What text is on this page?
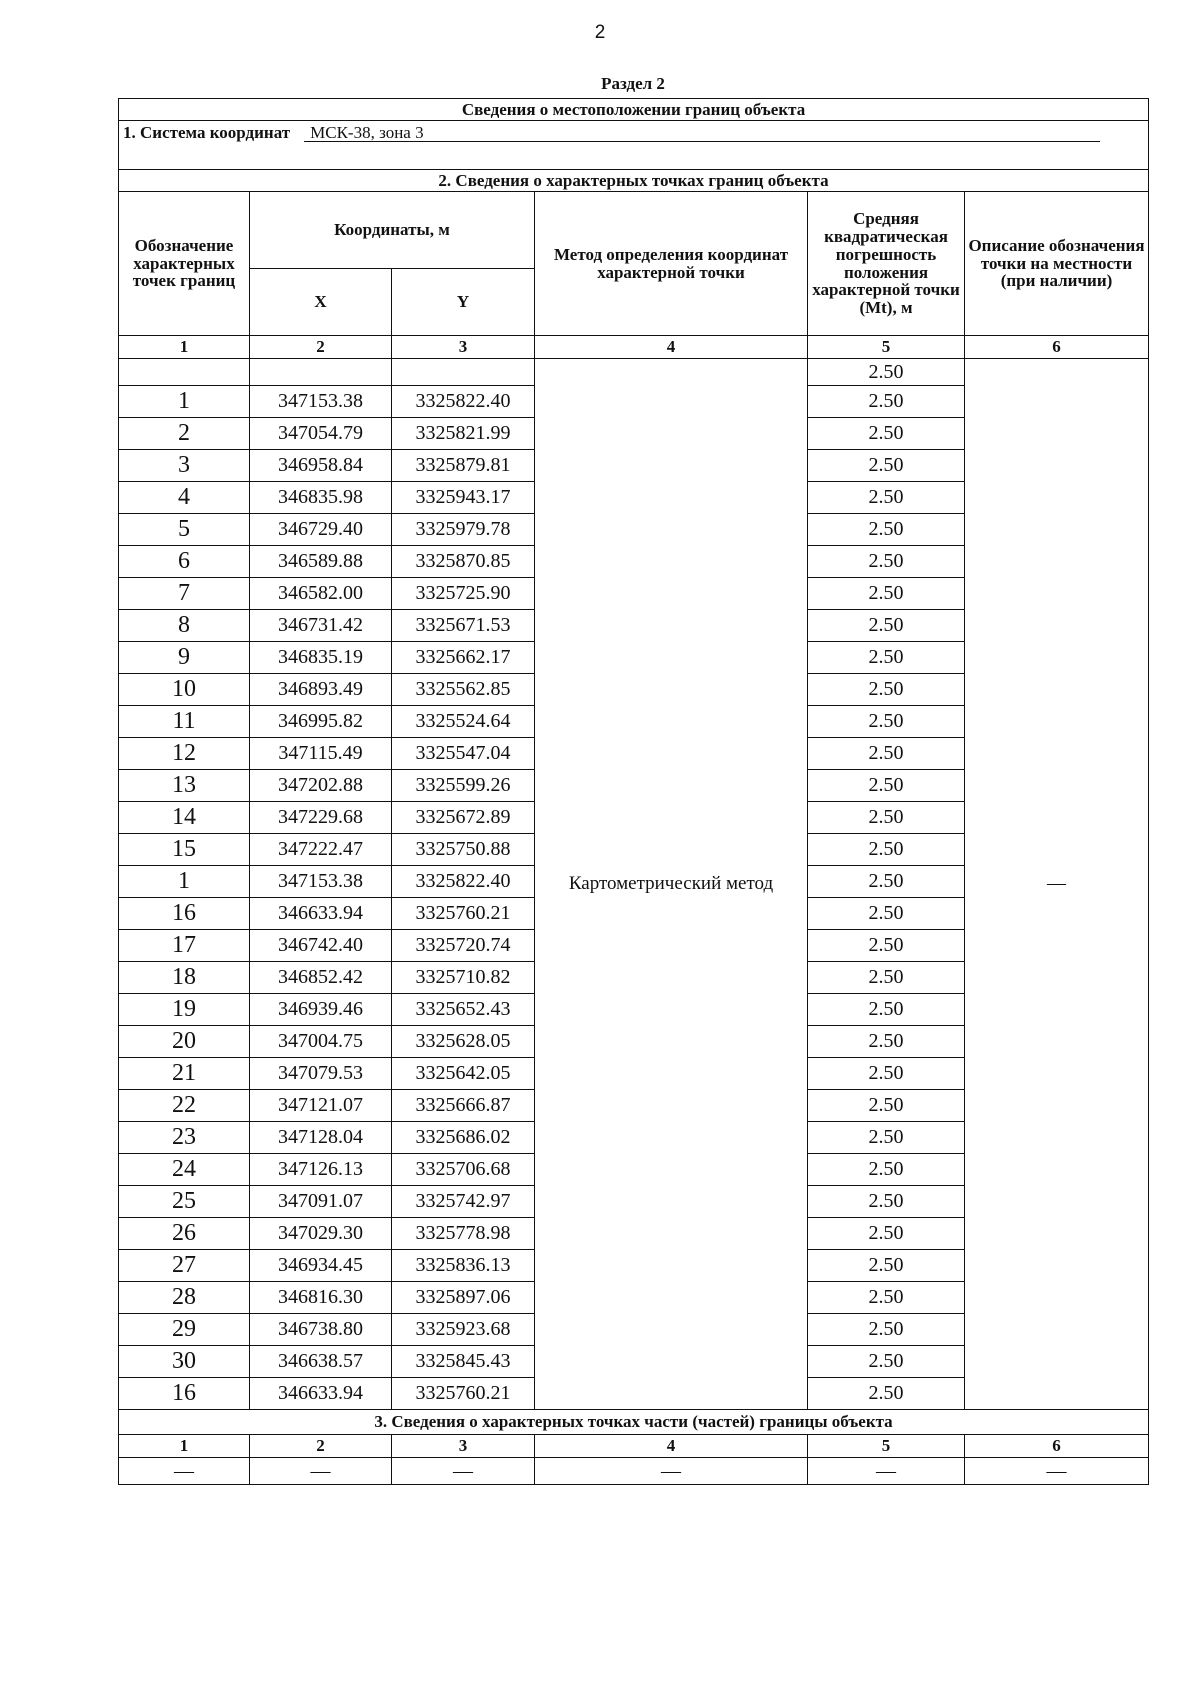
2
Раздел 2
Сведения о местоположении границ объекта					
1. Система координат МСК-38, зона 3					

2. Сведения о характерных точках границ объекта					
Обозначение характерных точек границ	Координаты, м		Метод определения координат характерной точки	Средняя квадратическая погрешность положения характерной точки (Mt), м	Описание обозначения точки на местности (при наличии)
	X	Y			
1	2	3	4	5	6
			Картометрический метод	2.50	—
1	347153.38	3325822.40		2.50	
2	347054.79	3325821.99		2.50	
3	346958.84	3325879.81		2.50	
4	346835.98	3325943.17		2.50	
5	346729.40	3325979.78		2.50	
6	346589.88	3325870.85		2.50	
7	346582.00	3325725.90		2.50	
8	346731.42	3325671.53		2.50	
9	346835.19	3325662.17		2.50	
10	346893.49	3325562.85		2.50	
11	346995.82	3325524.64		2.50	
12	347115.49	3325547.04		2.50	
13	347202.88	3325599.26		2.50	
14	347229.68	3325672.89		2.50	
15	347222.47	3325750.88		2.50	
1	347153.38	3325822.40		2.50	
16	346633.94	3325760.21		2.50	
17	346742.40	3325720.74		2.50	
18	346852.42	3325710.82		2.50	
19	346939.46	3325652.43		2.50	
20	347004.75	3325628.05		2.50	
21	347079.53	3325642.05		2.50	
22	347121.07	3325666.87		2.50	
23	347128.04	3325686.02		2.50	
24	347126.13	3325706.68		2.50	
25	347091.07	3325742.97		2.50	
26	347029.30	3325778.98		2.50	
27	346934.45	3325836.13		2.50	
28	346816.30	3325897.06		2.50	
29	346738.80	3325923.68		2.50	
30	346638.57	3325845.43		2.50	
16	346633.94	3325760.21		2.50	
3. Сведения о характерных точках части (частей) границы объекта					
1	2	3	4	5	6
—	—	—	—	—	—
